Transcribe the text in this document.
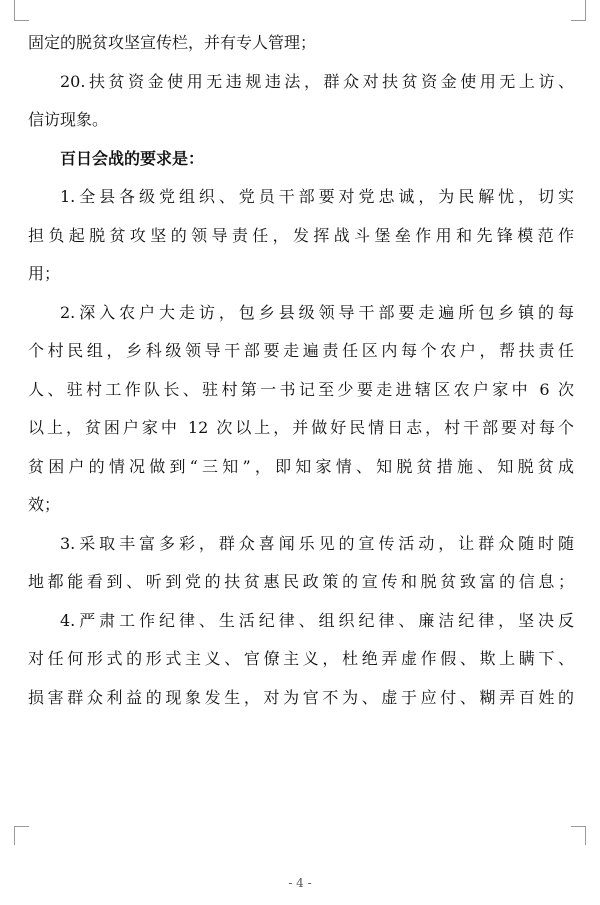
固定的脱贫攻坚宣传栏，并有专人管理；
20.扶贫资金使用无违规违法，群众对扶贫资金使用无上访、
信访现象。
百日会战的要求是：
1.全县各级党组织、党员干部要对党忠诚，为民解忧，切实
担负起脱贫攻坚的领导责任，发挥战斗堡垒作用和先锋模范作
用；
2.深入农户大走访，包乡县级领导干部要走遍所包乡镇的每
个村民组，乡科级领导干部要走遍责任区内每个农户，帮扶责任
人、驻村工作队长、驻村第一书记至少要走进辖区农户家中 6 次
以上，贫困户家中 12 次以上，并做好民情日志，村干部要对每个
贫困户的情况做到“三知”，即知家情、知脱贫措施、知脱贫成
效；
3.采取丰富多彩，群众喜闻乐见的宣传活动，让群众随时随
地都能看到、听到党的扶贫惠民政策的宣传和脱贫致富的信息；
4.严肃工作纪律、生活纪律、组织纪律、廉洁纪律，坚决反
对任何形式的形式主义、官僚主义，杜绝弄虚作假、欺上瞒下、
损害群众利益的现象发生，对为官不为、虚于应付、糊弄百姓的
- 4 -
